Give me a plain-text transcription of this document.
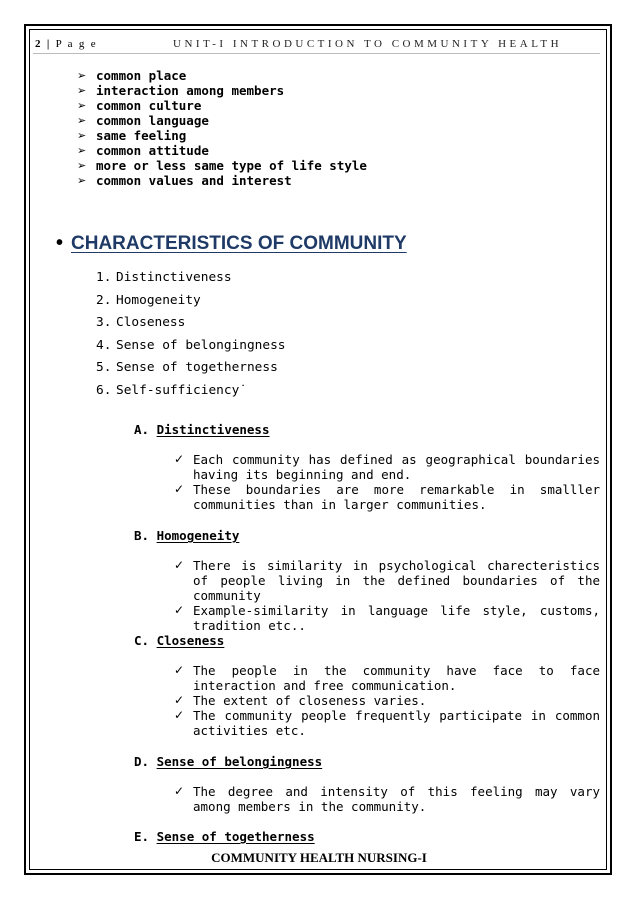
2 | P a g e	UNIT-I INTRODUCTION TO COMMUNITY HEALTH
➢ common place
➢ interaction among members
➢ common culture
➢ common language
➢ same feeling
➢ common attitude
➢ more or less same type of life style
➢ common values and interest
• CHARACTERISTICS OF COMMUNITY
1. Distinctiveness
2. Homogeneity
3. Closeness
4. Sense of belongingness
5. Sense of togetherness
6. Self-sufficiency˙
A. Distinctiveness
✓ Each community has defined as geographical boundaries having its beginning and end.
✓ These boundaries are more remarkable in smalller communities than in larger communities.
B. Homogeneity
✓ There is similarity in psychological charecteristics of people living in the defined boundaries of the community
✓ Example-similarity in language life style, customs, tradition etc..
C. Closeness
✓ The people in the community have face to face interaction and free communication.
✓ The extent of closeness varies.
✓ The community people frequently participate in common activities etc.
D. Sense of belongingness
✓ The degree and intensity of this feeling may vary among members in the community.
E. Sense of togetherness
COMMUNITY HEALTH NURSING-I
